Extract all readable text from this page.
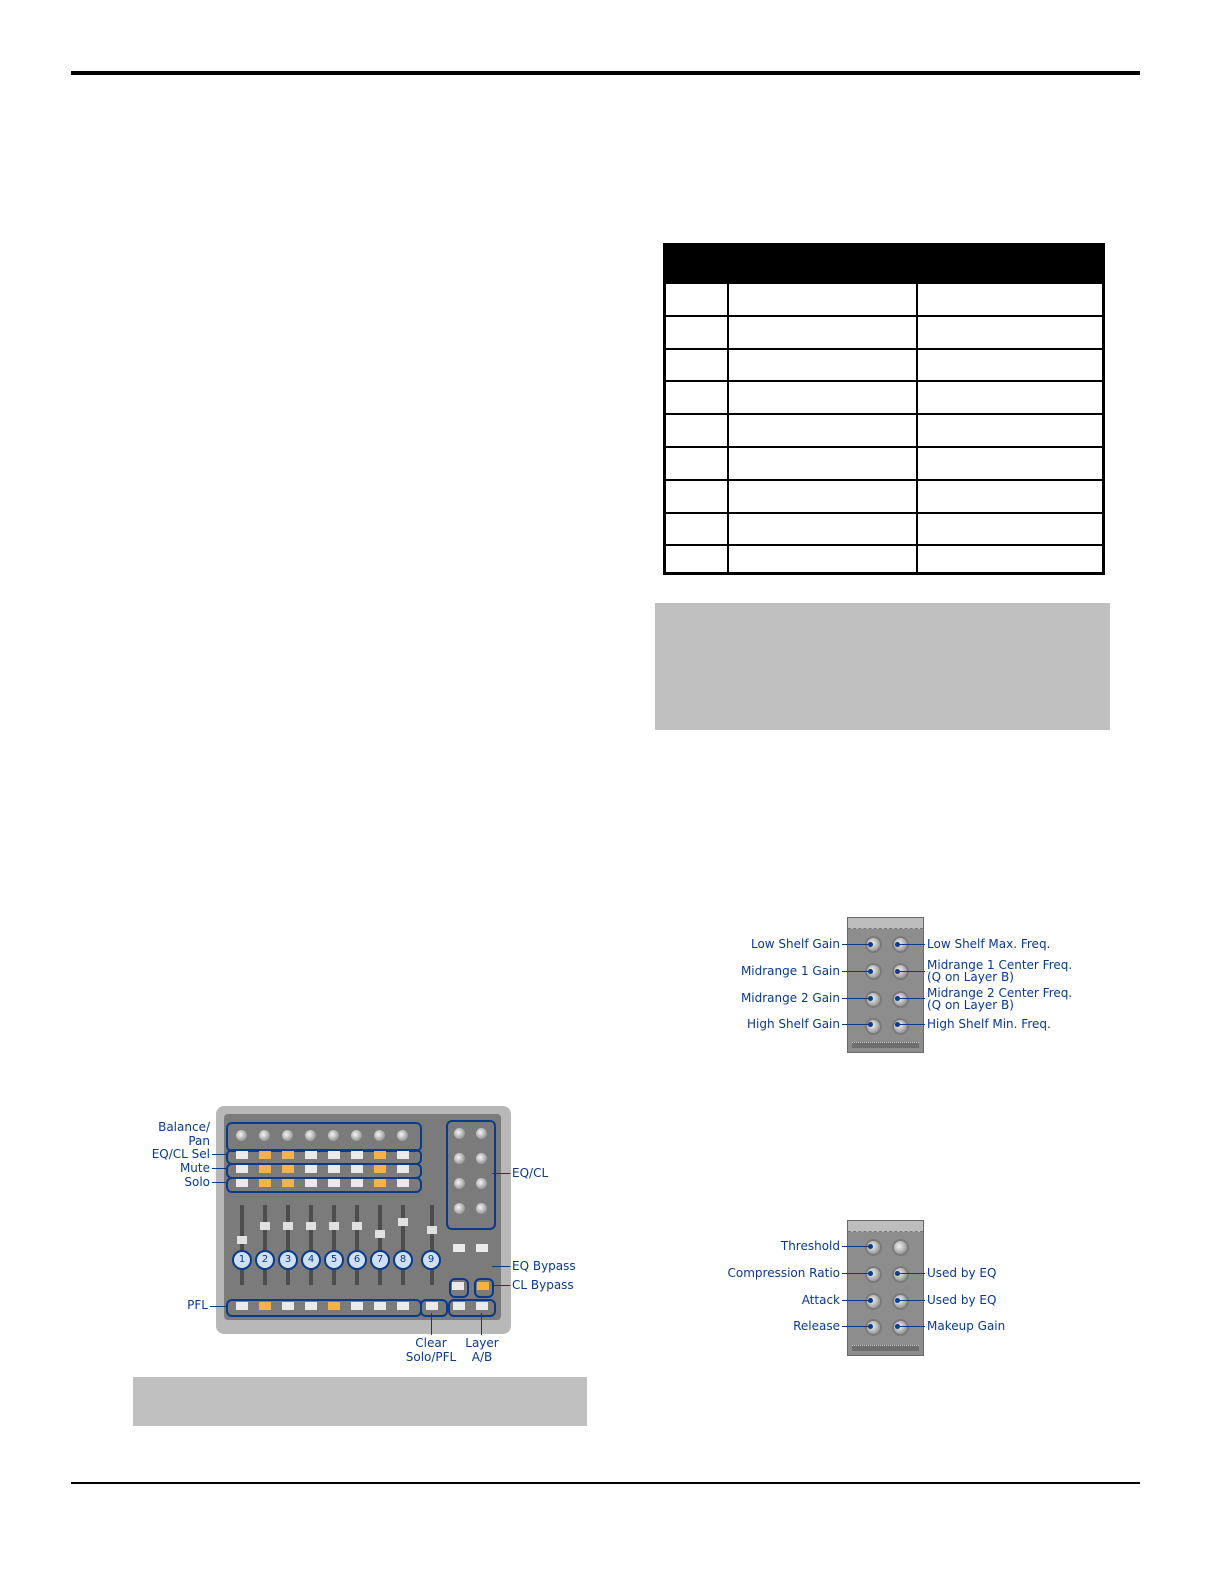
Low Shelf Gain
Midrange 1 Gain
Midrange 2 Gain
High Shelf Gain
Low Shelf Max. Freq.
Midrange 1 Center Freq.
(Q on Layer B)
Midrange 2 Center Freq.
(Q on Layer B)
High Shelf Min. Freq.
Threshold
Compression Ratio
Attack
Release
Used by EQ
Used by EQ
Makeup Gain
1	2	3	4	5	6	7	8	9
Balance/
Pan
EQ/CL Sel
Mute
Solo
PFL
EQ/CL
EQ Bypass
CL Bypass
Clear
Solo/PFL
Layer
A/B
